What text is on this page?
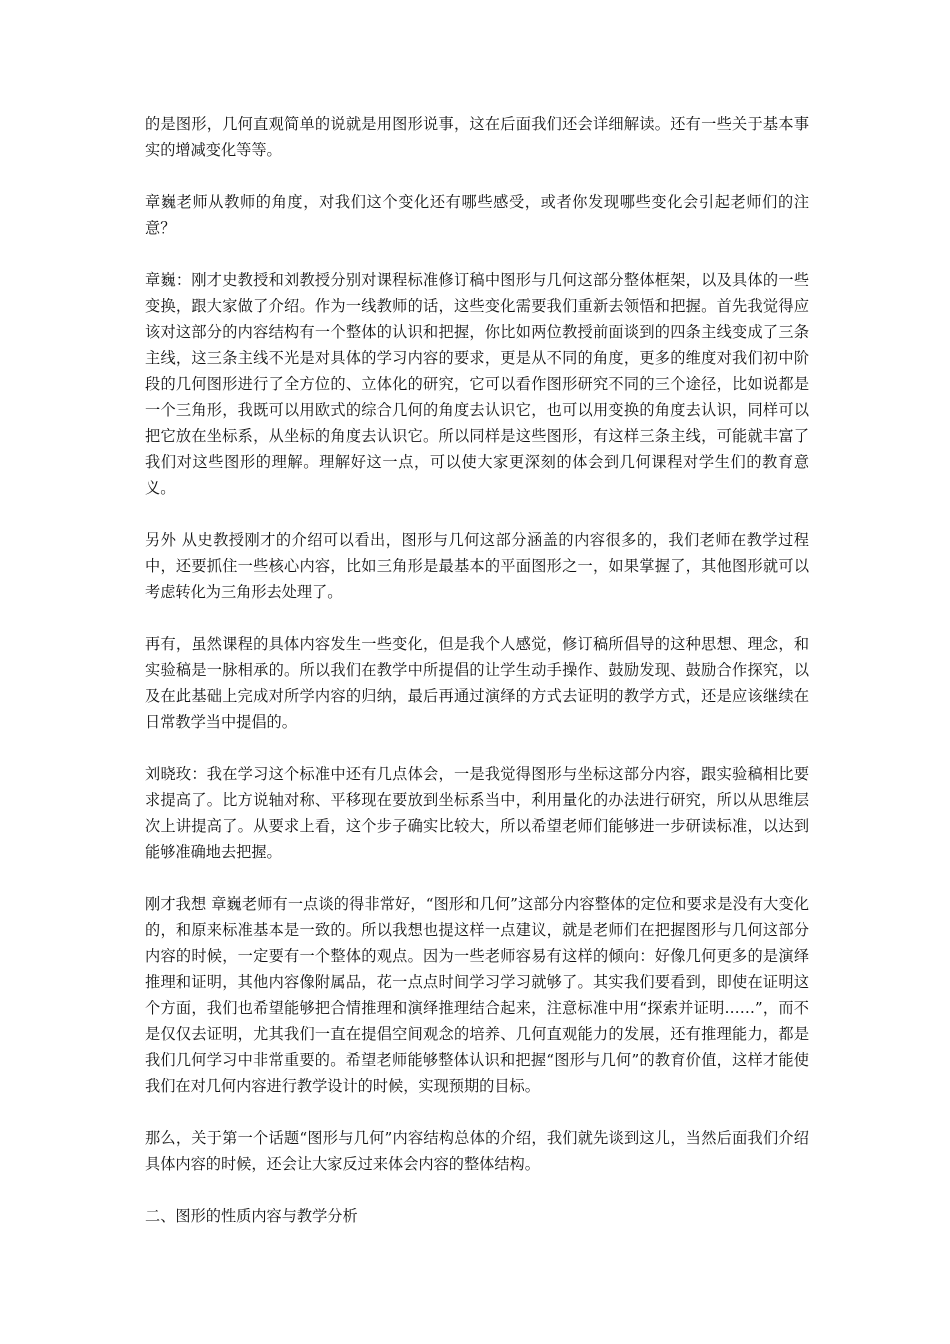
的是图形，几何直观简单的说就是用图形说事，这在后面我们还会详细解读。还有一些关于基本事实的增减变化等等。

章巍老师从教师的角度，对我们这个变化还有哪些感受，或者你发现哪些变化会引起老师们的注意？

章巍：刚才史教授和刘教授分别对课程标准修订稿中图形与几何这部分整体框架，以及具体的一些变换，跟大家做了介绍。作为一线教师的话，这些变化需要我们重新去领悟和把握。首先我觉得应该对这部分的内容结构有一个整体的认识和把握，你比如两位教授前面谈到的四条主线变成了三条主线，这三条主线不光是对具体的学习内容的要求，更是从不同的角度，更多的维度对我们初中阶段的几何图形进行了全方位的、立体化的研究，它可以看作图形研究不同的三个途径，比如说都是一个三角形，我既可以用欧式的综合几何的角度去认识它，也可以用变换的角度去认识，同样可以把它放在坐标系，从坐标的角度去认识它。所以同样是这些图形，有这样三条主线，可能就丰富了我们对这些图形的理解。理解好这一点，可以使大家更深刻的体会到几何课程对学生们的教育意义。

另外 从史教授刚才的介绍可以看出，图形与几何这部分涵盖的内容很多的，我们老师在教学过程中，还要抓住一些核心内容，比如三角形是最基本的平面图形之一，如果掌握了，其他图形就可以考虑转化为三角形去处理了。

再有，虽然课程的具体内容发生一些变化，但是我个人感觉，修订稿所倡导的这种思想、理念，和实验稿是一脉相承的。所以我们在教学中所提倡的让学生动手操作、鼓励发现、鼓励合作探究，以及在此基础上完成对所学内容的归纳，最后再通过演绎的方式去证明的教学方式，还是应该继续在日常教学当中提倡的。

刘晓玫：我在学习这个标准中还有几点体会，一是我觉得图形与坐标这部分内容，跟实验稿相比要求提高了。比方说轴对称、平移现在要放到坐标系当中，利用量化的办法进行研究，所以从思维层次上讲提高了。从要求上看，这个步子确实比较大，所以希望老师们能够进一步研读标准，以达到能够准确地去把握。

刚才我想 章巍老师有一点谈的得非常好，“图形和几何”这部分内容整体的定位和要求是没有大变化的，和原来标准基本是一致的。所以我想也提这样一点建议，就是老师们在把握图形与几何这部分内容的时候，一定要有一个整体的观点。因为一些老师容易有这样的倾向：好像几何更多的是演绎推理和证明，其他内容像附属品，花一点点时间学习学习就够了。其实我们要看到，即使在证明这个方面，我们也希望能够把合情推理和演绎推理结合起来，注意标准中用“探索并证明……”，而不是仅仅去证明，尤其我们一直在提倡空间观念的培养、几何直观能力的发展，还有推理能力，都是我们几何学习中非常重要的。希望老师能够整体认识和把握“图形与几何”的教育价值，这样才能使我们在对几何内容进行教学设计的时候，实现预期的目标。

那么，关于第一个话题“图形与几何”内容结构总体的介绍，我们就先谈到这儿，当然后面我们介绍具体内容的时候，还会让大家反过来体会内容的整体结构。

二、图形的性质内容与教学分析
